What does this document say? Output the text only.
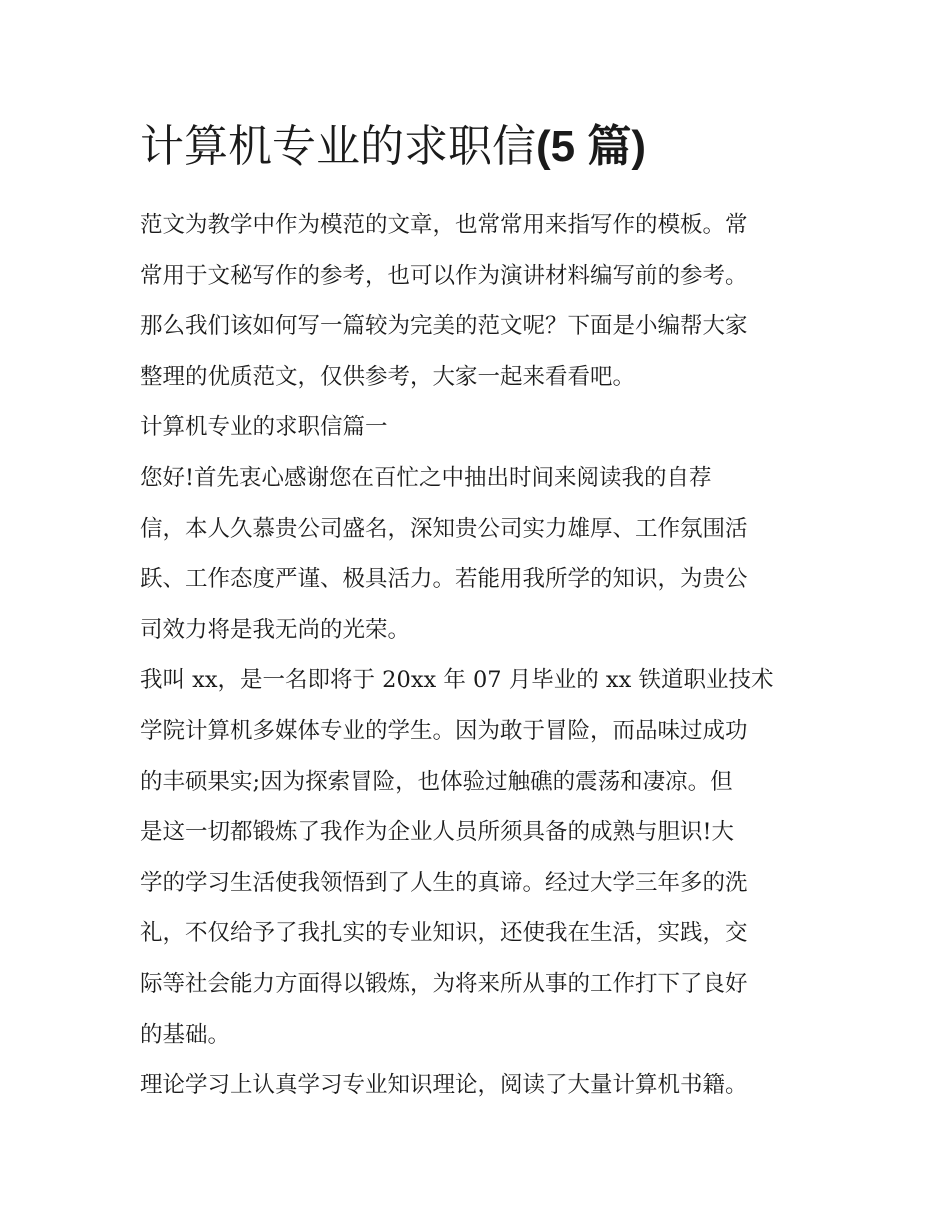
计算机专业的求职信(5 篇)

范文为教学中作为模范的文章，也常常用来指写作的模板。常
常用于文秘写作的参考，也可以作为演讲材料编写前的参考。
那么我们该如何写一篇较为完美的范文呢？下面是小编帮大家
整理的优质范文，仅供参考，大家一起来看看吧。

计算机专业的求职信篇一

您好!首先衷心感谢您在百忙之中抽出时间来阅读我的自荐
信，本人久慕贵公司盛名，深知贵公司实力雄厚、工作氛围活
跃、工作态度严谨、极具活力。若能用我所学的知识，为贵公
司效力将是我无尚的光荣。

我叫 xx，是一名即将于 20xx 年 07 月毕业的 xx 铁道职业技术
学院计算机多媒体专业的学生。因为敢于冒险，而品味过成功
的丰硕果实;因为探索冒险，也体验过触礁的震荡和凄凉。但
是这一切都锻炼了我作为企业人员所须具备的成熟与胆识!大
学的学习生活使我领悟到了人生的真谛。经过大学三年多的洗
礼，不仅给予了我扎实的专业知识，还使我在生活，实践，交
际等社会能力方面得以锻炼，为将来所从事的工作打下了良好
的基础。

理论学习上认真学习专业知识理论，阅读了大量计算机书籍。
